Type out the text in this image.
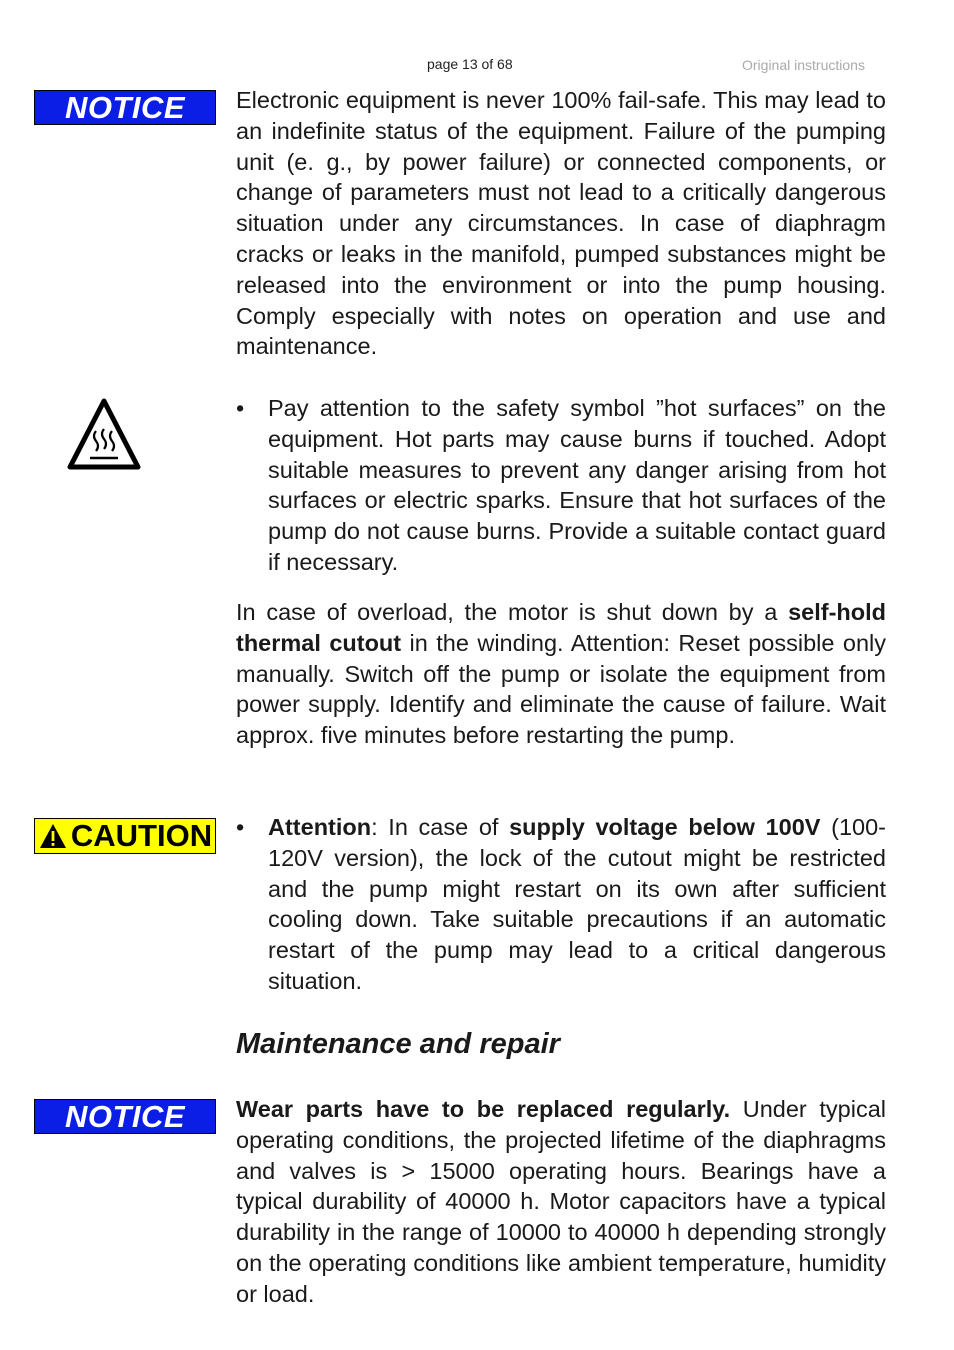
page 13 of 68	Original instructions
NOTICE Electronic equipment is never 100% fail-safe. This may lead to an indefinite status of the equipment. Failure of the pumping unit (e. g., by power failure) or connected components, or change of parameters must not lead to a critically dangerous situation under any circumstances. In case of diaphragm cracks or leaks in the manifold, pumped substances might be released into the environment or into the pump housing. Comply especially with notes on operation and use and maintenance.
•	Pay attention to the safety symbol ”hot surfaces” on the equipment. Hot parts may cause burns if touched. Adopt suitable measures to prevent any danger arising from hot surfaces or electric sparks. Ensure that hot surfaces of the pump do not cause burns. Provide a suitable contact guard if necessary.
In case of overload, the motor is shut down by a self-hold thermal cutout in the winding. Attention: Reset possible only manually. Switch off the pump or isolate the equipment from power supply. Identify and eliminate the cause of failure. Wait approx. five minutes before restarting the pump.
CAUTION •	Attention: In case of supply voltage below 100V (100-120V version), the lock of the cutout might be restricted and the pump might restart on its own after sufficient cooling down. Take suitable precautions if an automatic restart of the pump may lead to a critical dangerous situation.
Maintenance and repair
NOTICE Wear parts have to be replaced regularly. Under typical operating conditions, the projected lifetime of the diaphragms and valves is > 15000 operating hours. Bearings have a typical durability of 40000 h. Motor capacitors have a typical durability in the range of 10000 to 40000 h depending strongly on the operating conditions like ambient temperature, humidity or load.
